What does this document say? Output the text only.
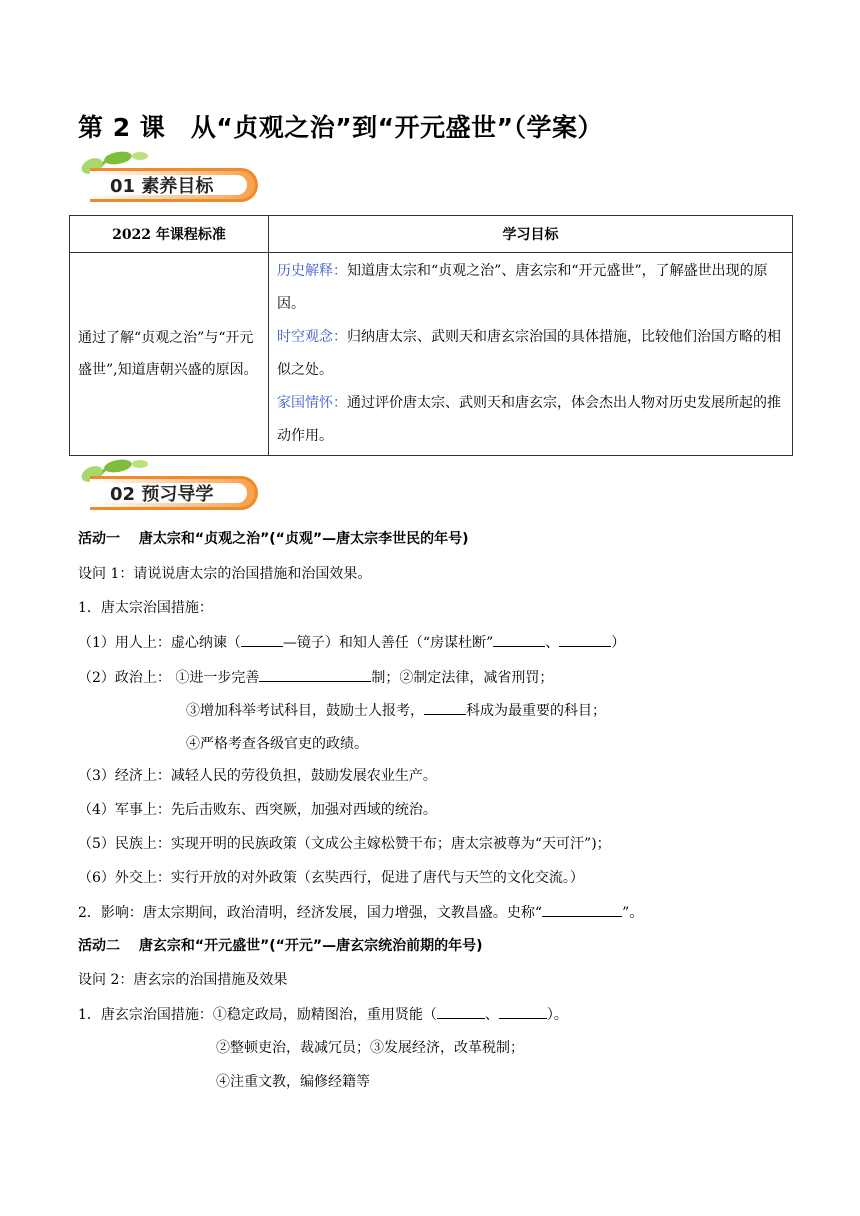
第 2 课　从“贞观之治”到“开元盛世”（学案）
01 素养目标
2022 年课程标准	学习目标
通过了解“贞观之治”与“开元盛世”,知道唐朝兴盛的原因。	历史解释：知道唐太宗和“贞观之治”、唐玄宗和“开元盛世”，了解盛世出现的原因。
时空观念：归纳唐太宗、武则天和唐玄宗治国的具体措施，比较他们治国方略的相似之处。
家国情怀：通过评价唐太宗、武则天和唐玄宗，体会杰出人物对历史发展所起的推动作用。
02 预习导学
活动一　 唐太宗和“贞观之治”(“贞观”—唐太宗李世民的年号)
设问 1：请说说唐太宗的治国措施和治国效果。
1．唐太宗治国措施：
（1）用人上：虚心纳谏（	—镜子）和知人善任（“房谋杜断”	、	）
（2）政治上： ①进一步完善	制；②制定法律，减省刑罚；
③增加科举考试科目，鼓励士人报考，	科成为最重要的科目；
④严格考查各级官吏的政绩。
（3）经济上：减轻人民的劳役负担，鼓励发展农业生产。
（4）军事上：先后击败东、西突厥，加强对西域的统治。
（5）民族上：实现开明的民族政策（文成公主嫁松赞干布；唐太宗被尊为“天可汗”)；
（6）外交上：实行开放的对外政策（玄奘西行，促进了唐代与天竺的文化交流。）
2．影响：唐太宗期间，政治清明，经济发展，国力增强，文教昌盛。史称“	”。
活动二　 唐玄宗和“开元盛世”(“开元”—唐玄宗统治前期的年号)
设问 2：唐玄宗的治国措施及效果
1．唐玄宗治国措施：①稳定政局，励精图治，重用贤能（	、	）。
②整顿吏治，裁减冗员；③发展经济，改革税制；
④注重文教，编修经籍等
